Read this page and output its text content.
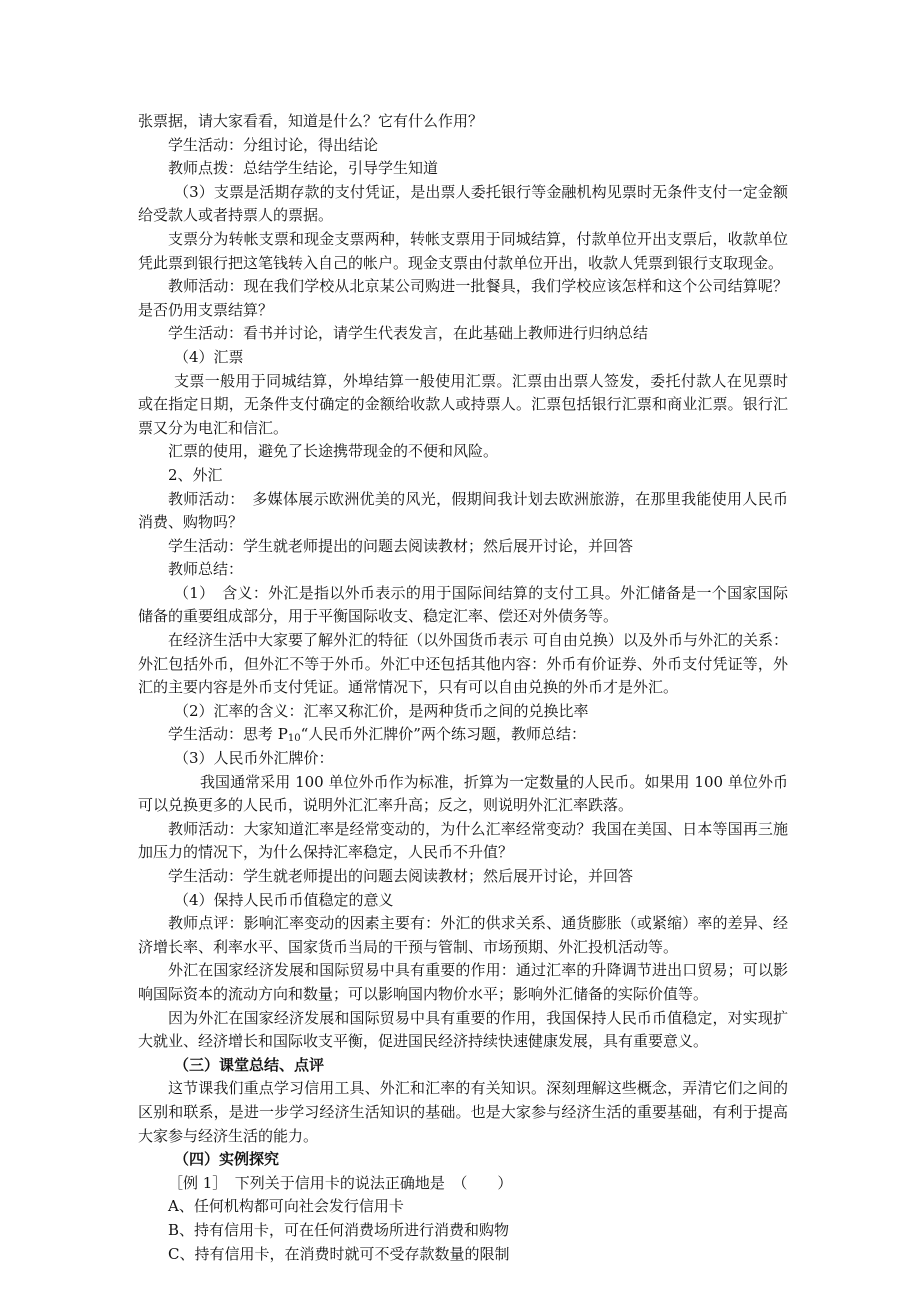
张票据，请大家看看，知道是什么？它有什么作用？

学生活动：分组讨论，得出结论

教师点拨：总结学生结论，引导学生知道

（3）支票是活期存款的支付凭证，是出票人委托银行等金融机构见票时无条件支付一定金额给受款人或者持票人的票据。

支票分为转帐支票和现金支票两种，转帐支票用于同城结算，付款单位开出支票后，收款单位凭此票到银行把这笔钱转入自己的帐户。现金支票由付款单位开出，收款人凭票到银行支取现金。

教师活动：现在我们学校从北京某公司购进一批餐具，我们学校应该怎样和这个公司结算呢？是否仍用支票结算？

学生活动：看书并讨论，请学生代表发言，在此基础上教师进行归纳总结

（4）汇票

支票一般用于同城结算，外埠结算一般使用汇票。汇票由出票人签发，委托付款人在见票时或在指定日期，无条件支付确定的金额给收款人或持票人。汇票包括银行汇票和商业汇票。银行汇票又分为电汇和信汇。

汇票的使用，避免了长途携带现金的不便和风险。

2、外汇

教师活动：　多媒体展示欧洲优美的风光，假期间我计划去欧洲旅游，在那里我能使用人民币消费、购物吗？

学生活动：学生就老师提出的问题去阅读教材；然后展开讨论，并回答

教师总结：

（1）　含义：外汇是指以外币表示的用于国际间结算的支付工具。外汇储备是一个国家国际储备的重要组成部分，用于平衡国际收支、稳定汇率、偿还对外债务等。

在经济生活中大家要了解外汇的特征（以外国货币表示 可自由兑换）以及外币与外汇的关系：外汇包括外币，但外汇不等于外币。外汇中还包括其他内容：外币有价证券、外币支付凭证等，外汇的主要内容是外币支付凭证。通常情况下，只有可以自由兑换的外币才是外汇。

（2）汇率的含义：汇率又称汇价，是两种货币之间的兑换比率

学生活动：思考 $P_{10}“$人民币外汇牌价”两个练习题，教师总结：

（3）人民币外汇牌价：

我国通常采用 100 单位外币作为标准，折算为一定数量的人民币。如果用 100 单位外币可以兑换更多的人民币，说明外汇汇率升高；反之，则说明外汇汇率跌落。

教师活动：大家知道汇率是经常变动的，为什么汇率经常变动？我国在美国、日本等国再三施加压力的情况下，为什么保持汇率稳定，人民币不升值？

学生活动：学生就老师提出的问题去阅读教材；然后展开讨论，并回答

（4）保持人民币币值稳定的意义

教师点评：影响汇率变动的因素主要有：外汇的供求关系、通货膨胀（或紧缩）率的差异、经济增长率、利率水平、国家货币当局的干预与管制、市场预期、外汇投机活动等。

外汇在国家经济发展和国际贸易中具有重要的作用：通过汇率的升降调节进出口贸易；可以影响国际资本的流动方向和数量；可以影响国内物价水平；影响外汇储备的实际价值等。

因为外汇在国家经济发展和国际贸易中具有重要的作用，我国保持人民币币值稳定，对实现扩大就业、经济增长和国际收支平衡，促进国民经济持续快速健康发展，具有重要意义。

（三）课堂总结、点评

这节课我们重点学习信用工具、外汇和汇率的有关知识。深刻理解这些概念，弄清它们之间的区别和联系，是进一步学习经济生活知识的基础。也是大家参与经济生活的重要基础，有利于提高大家参与经济生活的能力。

（四）实例探究

［例 1］　下列关于信用卡的说法正确地是　（　　）

A、任何机构都可向社会发行信用卡

B、持有信用卡，可在任何消费场所进行消费和购物

C、持有信用卡，在消费时就可不受存款数量的限制
